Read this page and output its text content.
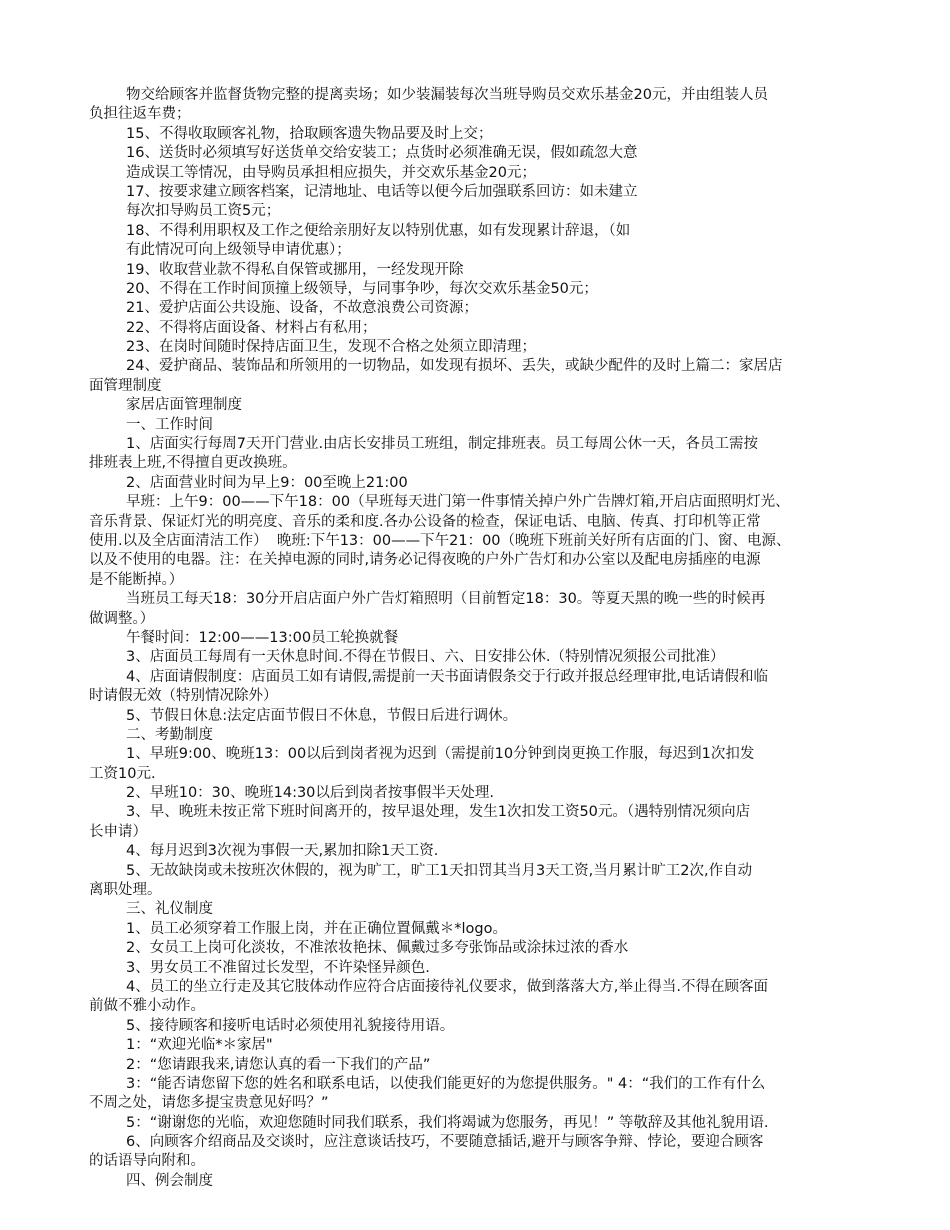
物交给顾客并监督货物完整的提离卖场；如少装漏装每次当班导购员交欢乐基金20元，并由组装人员
负担往返车费；
15、不得收取顾客礼物，拾取顾客遗失物品要及时上交；
16、送货时必须填写好送货单交给安装工；点货时必须准确无误，假如疏忽大意
造成误工等情况，由导购员承担相应损失，并交欢乐基金20元；
17、按要求建立顾客档案，记清地址、电话等以便今后加强联系回访：如未建立
每次扣导购员工资5元；
18、不得利用职权及工作之便给亲朋好友以特别优惠，如有发现累计辞退，（如
有此情况可向上级领导申请优惠）；
19、收取营业款不得私自保管或挪用，一经发现开除
20、不得在工作时间顶撞上级领导，与同事争吵，每次交欢乐基金50元；
21、爱护店面公共设施、设备，不故意浪费公司资源；
22、不得将店面设备、材料占有私用；
23、在岗时间随时保持店面卫生，发现不合格之处须立即清理；
24、爱护商品、装饰品和所领用的一切物品，如发现有损坏、丢失，或缺少配件的及时上篇二：家居店
面管理制度
家居店面管理制度
一、工作时间
1、店面实行每周7天开门营业.由店长安排员工班组，制定排班表。员工每周公休一天，各员工需按
排班表上班,不得擅自更改换班。
2、店面营业时间为早上9：00至晚上21:00
早班：上午9：00——下午18：00（早班每天进门第一件事情关掉户外广告牌灯箱,开启店面照明灯光、
音乐背景、保证灯光的明亮度、音乐的柔和度.各办公设备的检查，保证电话、电脑、传真、打印机等正常
使用.以及全店面清洁工作）  晚班:下午13：00——下午21：00（晚班下班前关好所有店面的门、窗、电源、
以及不使用的电器。注：在关掉电源的同时,请务必记得夜晚的户外广告灯和办公室以及配电房插座的电源
是不能断掉。）
当班员工每天18：30分开启店面户外广告灯箱照明（目前暂定18：30。等夏天黑的晚一些的时候再
做调整。）
午餐时间：12:00——13:00员工轮换就餐
3、店面员工每周有一天休息时间.不得在节假日、六、日安排公休.（特别情况须报公司批准）
4、店面请假制度：店面员工如有请假,需提前一天书面请假条交于行政并报总经理审批,电话请假和临
时请假无效（特别情况除外）
5、节假日休息:法定店面节假日不休息，节假日后进行调休。
二、考勤制度
1、早班9:00、晚班13：00以后到岗者视为迟到（需提前10分钟到岗更换工作服，每迟到1次扣发
工资10元.
2、早班10：30、晚班14:30以后到岗者按事假半天处理.
3、早、晚班未按正常下班时间离开的，按早退处理，发生1次扣发工资50元。（遇特别情况须向店
长申请）
4、每月迟到3次视为事假一天,累加扣除1天工资.
5、无故缺岗或未按班次休假的，视为旷工，旷工1天扣罚其当月3天工资,当月累计旷工2次,作自动
离职处理。
三、礼仪制度
1、员工必须穿着工作服上岗，并在正确位置佩戴＊*logo。
2、女员工上岗可化淡妆，不准浓妆艳抹、佩戴过多夸张饰品或涂抹过浓的香水
3、男女员工不准留过长发型，不许染怪异颜色.
4、员工的坐立行走及其它肢体动作应符合店面接待礼仪要求，做到落落大方,举止得当.不得在顾客面
前做不雅小动作。
5、接待顾客和接听电话时必须使用礼貌接待用语。
1：“欢迎光临*＊家居"
2：“您请跟我来,请您认真的看一下我们的产品”
3：“能否请您留下您的姓名和联系电话，以使我们能更好的为您提供服务。" 4：“我们的工作有什么
不周之处，请您多提宝贵意见好吗？”
5：“谢谢您的光临，欢迎您随时同我们联系，我们将竭诚为您服务，再见！” 等敬辞及其他礼貌用语.
6、向顾客介绍商品及交谈时，应注意谈话技巧，不要随意插话,避开与顾客争辩、悖论，要迎合顾客
的话语导向附和。
四、例会制度
